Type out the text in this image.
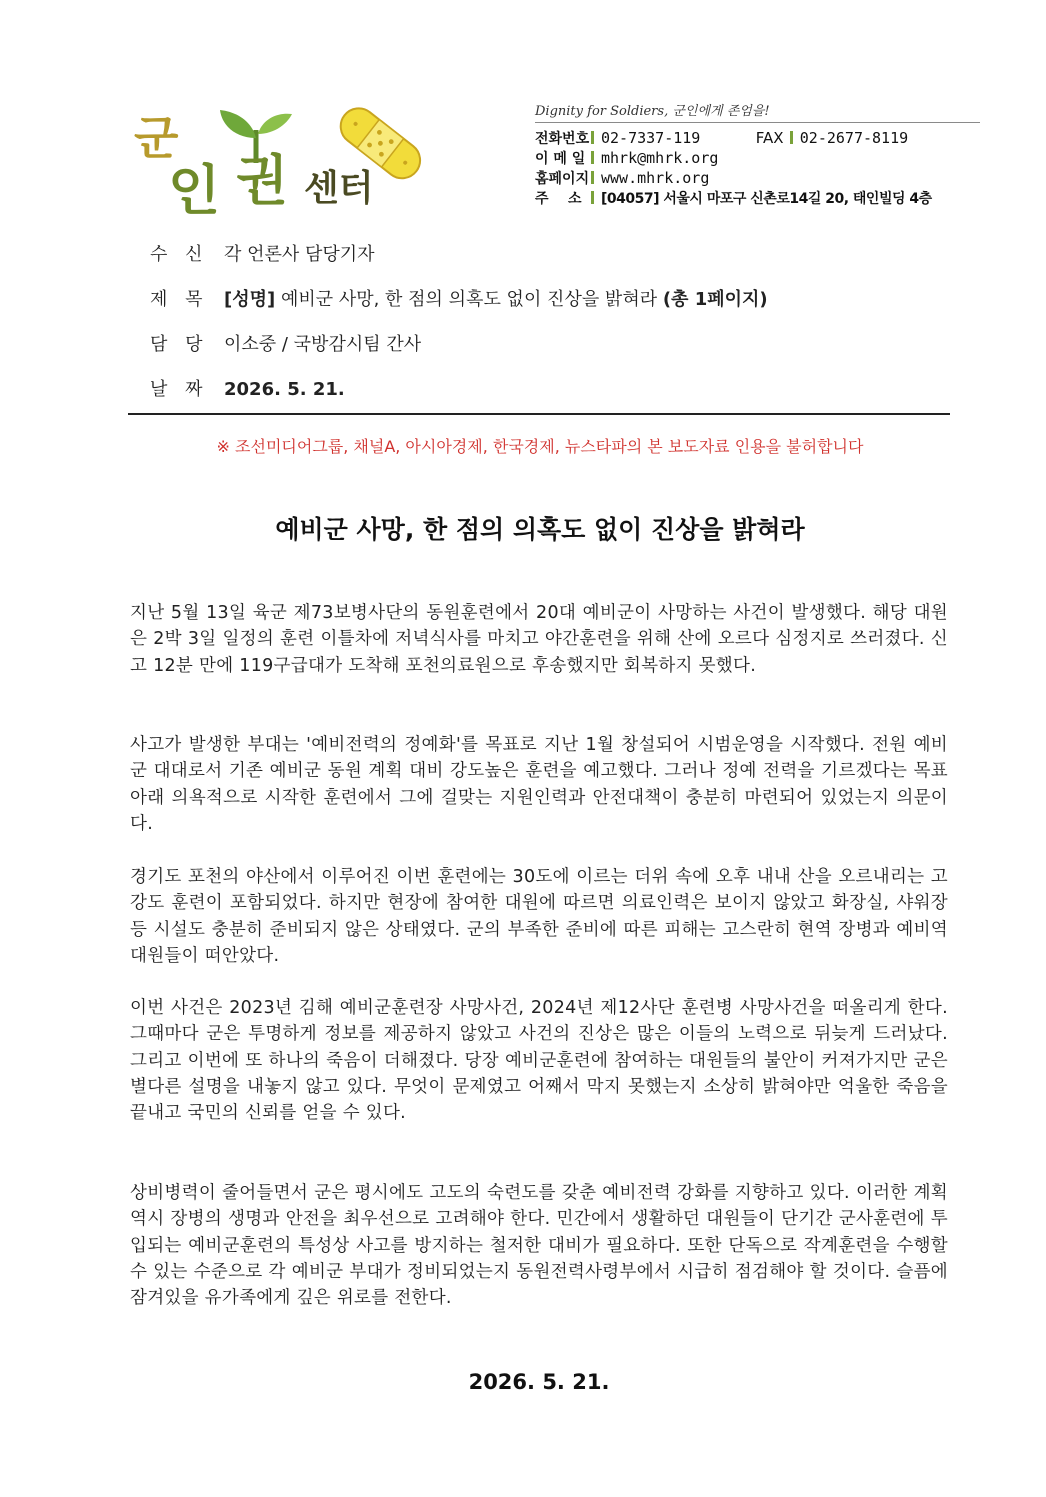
군
인 권 센터
Dignity for Soldiers, 군인에게 존엄을!
전화번호 02-7337-119	FAX 02-2677-8119
이 메 일 mhrk@mhrk.org
홈페이지 www.mhrk.org
주    소 [04057] 서울시 마포구 신촌로14길 20, 태인빌딩 4층
수 신 각 언론사 담당기자
제 목 [성명] 예비군 사망, 한 점의 의혹도 없이 진상을 밝혀라 (총 1페이지)
담 당 이소중 / 국방감시팀 간사
날 짜 2026. 5. 21.
※ 조선미디어그룹, 채널A, 아시아경제, 한국경제, 뉴스타파의 본 보도자료 인용을 불허합니다
예비군 사망, 한 점의 의혹도 없이 진상을 밝혀라

지난 5월 13일 육군 제73보병사단의 동원훈련에서 20대 예비군이 사망하는 사건이 발생했다. 해당 대원은 2박 3일 일정의 훈련 이틀차에 저녁식사를 마치고 야간훈련을 위해 산에 오르다 심정지로 쓰러졌다. 신고 12분 만에 119구급대가 도착해 포천의료원으로 후송했지만 회복하지 못했다.

사고가 발생한 부대는 '예비전력의 정예화'를 목표로 지난 1월 창설되어 시범운영을 시작했다. 전원 예비군 대대로서 기존 예비군 동원 계획 대비 강도높은 훈련을 예고했다. 그러나 정예 전력을 기르겠다는 목표 아래 의욕적으로 시작한 훈련에서 그에 걸맞는 지원인력과 안전대책이 충분히 마련되어 있었는지 의문이다.

경기도 포천의 야산에서 이루어진 이번 훈련에는 30도에 이르는 더위 속에 오후 내내 산을 오르내리는 고강도 훈련이 포함되었다. 하지만 현장에 참여한 대원에 따르면 의료인력은 보이지 않았고 화장실, 샤워장 등 시설도 충분히 준비되지 않은 상태였다. 군의 부족한 준비에 따른 피해는 고스란히 현역 장병과 예비역 대원들이 떠안았다.

이번 사건은 2023년 김해 예비군훈련장 사망사건, 2024년 제12사단 훈련병 사망사건을 떠올리게 한다. 그때마다 군은 투명하게 정보를 제공하지 않았고 사건의 진상은 많은 이들의 노력으로 뒤늦게 드러났다. 그리고 이번에 또 하나의 죽음이 더해졌다. 당장 예비군훈련에 참여하는 대원들의 불안이 커져가지만 군은 별다른 설명을 내놓지 않고 있다. 무엇이 문제였고 어째서 막지 못했는지 소상히 밝혀야만 억울한 죽음을 끝내고 국민의 신뢰를 얻을 수 있다.

상비병력이 줄어들면서 군은 평시에도 고도의 숙련도를 갖춘 예비전력 강화를 지향하고 있다. 이러한 계획 역시 장병의 생명과 안전을 최우선으로 고려해야 한다. 민간에서 생활하던 대원들이 단기간 군사훈련에 투입되는 예비군훈련의 특성상 사고를 방지하는 철저한 대비가 필요하다. 또한 단독으로 작계훈련을 수행할 수 있는 수준으로 각 예비군 부대가 정비되었는지 동원전력사령부에서 시급히 점검해야 할 것이다. 슬픔에 잠겨있을 유가족에게 깊은 위로를 전한다.

2026. 5. 21.
